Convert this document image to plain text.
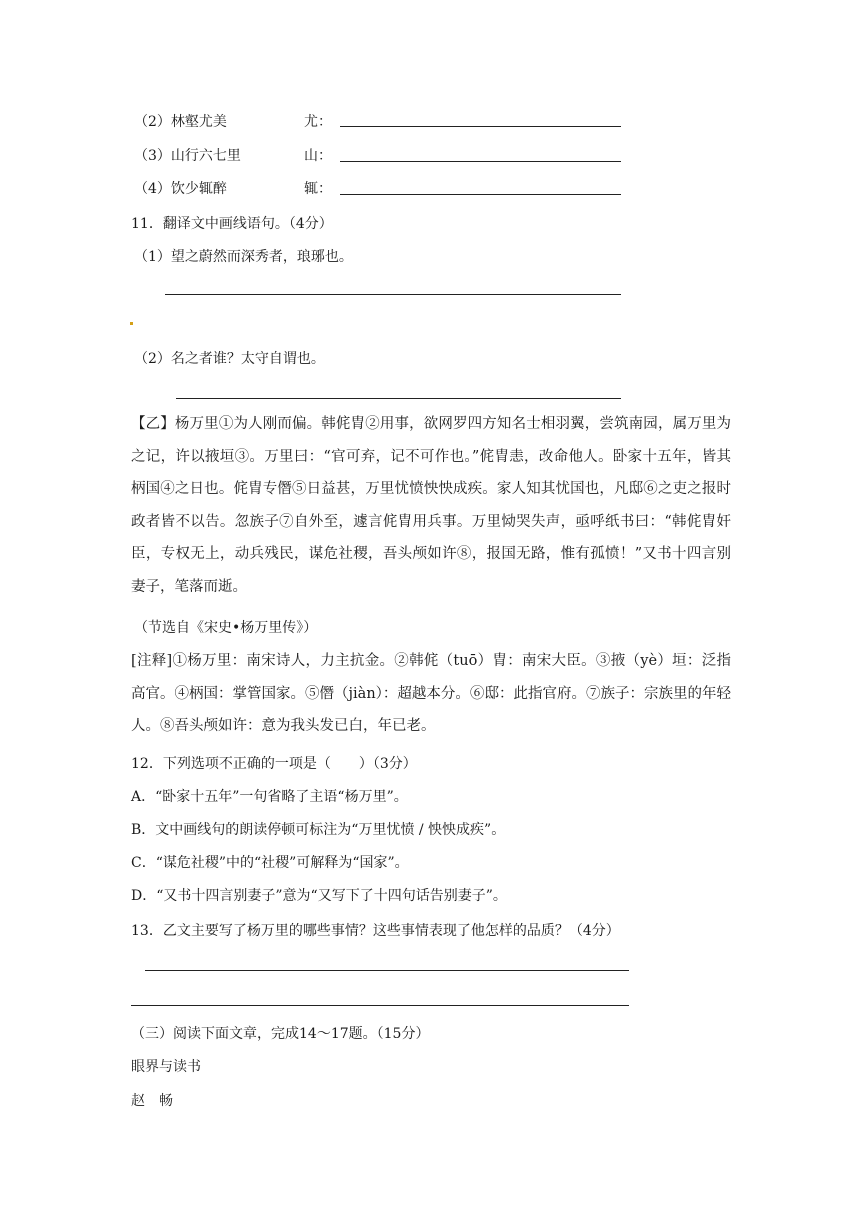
（2）林壑尤美	尤：
（3）山行六七里	山：
（4）饮少辄醉	辄：
11．翻译文中画线语句。（4分）
（1）望之蔚然而深秀者，琅琊也。
（2）名之者谁？太守自谓也。
【乙】杨万里①为人刚而偏。韩侂胄②用事，欲网罗四方知名士相羽翼，尝筑南园，属万里为之记，许以掖垣③。万里曰：“官可弃，记不可作也。”侂胄恚，改命他人。卧家十五年，皆其柄国④之日也。侂胄专僭⑤日益甚，万里忧愤怏怏成疾。家人知其忧国也，凡邸⑥之吏之报时政者皆不以告。忽族子⑦自外至，遽言侂胄用兵事。万里恸哭失声，亟呼纸书曰：“韩侂胄奸臣，专权无上，动兵残民，谋危社稷，吾头颅如许⑧，报国无路，惟有孤愤！”又书十四言别妻子，笔落而逝。
（节选自《宋史•杨万里传》）
[注释]①杨万里：南宋诗人，力主抗金。②韩侂（tuō）胄：南宋大臣。③掖（yè）垣：泛指高官。④柄国：掌管国家。⑤僭（jiàn）：超越本分。⑥邸：此指官府。⑦族子：宗族里的年轻人。⑧吾头颅如许：意为我头发已白，年已老。
12．下列选项不正确的一项是（　　）（3分）
A．“卧家十五年”一句省略了主语“杨万里”。
B．文中画线句的朗读停顿可标注为“万里忧愤 / 怏怏成疾”。
C．“谋危社稷”中的“社稷”可解释为“国家”。
D．“又书十四言别妻子”意为“又写下了十四句话告别妻子”。
13．乙文主要写了杨万里的哪些事情？这些事情表现了他怎样的品质？（4分）
（三）阅读下面文章，完成14～17题。（15分）
眼界与读书
赵　畅
